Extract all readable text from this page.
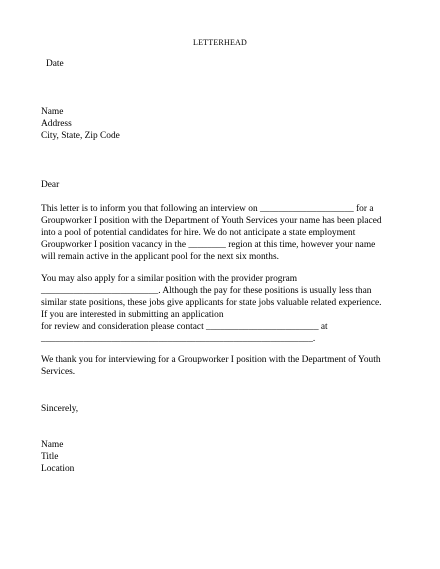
LETTERHEAD
Date
Name
Address
City, State, Zip Code
Dear
This letter is to inform you that following an interview on ____________________ for a
Groupworker I position with the Department of Youth Services your name has been placed
into a pool of potential candidates for hire. We do not anticipate a state employment
Groupworker I position vacancy in the ________ region at this time, however your name
will remain active in the applicant pool for the next six months.
You may also apply for a similar position with the provider program
_________________________. Although the pay for these positions is usually less than
similar state positions, these jobs give applicants for state jobs valuable related experience.
If you are interested in submitting an application
for review and consideration please contact ________________________ at
__________________________________________________________.
We thank you for interviewing for a Groupworker I position with the Department of Youth
Services.
Sincerely,
Name
Title
Location
